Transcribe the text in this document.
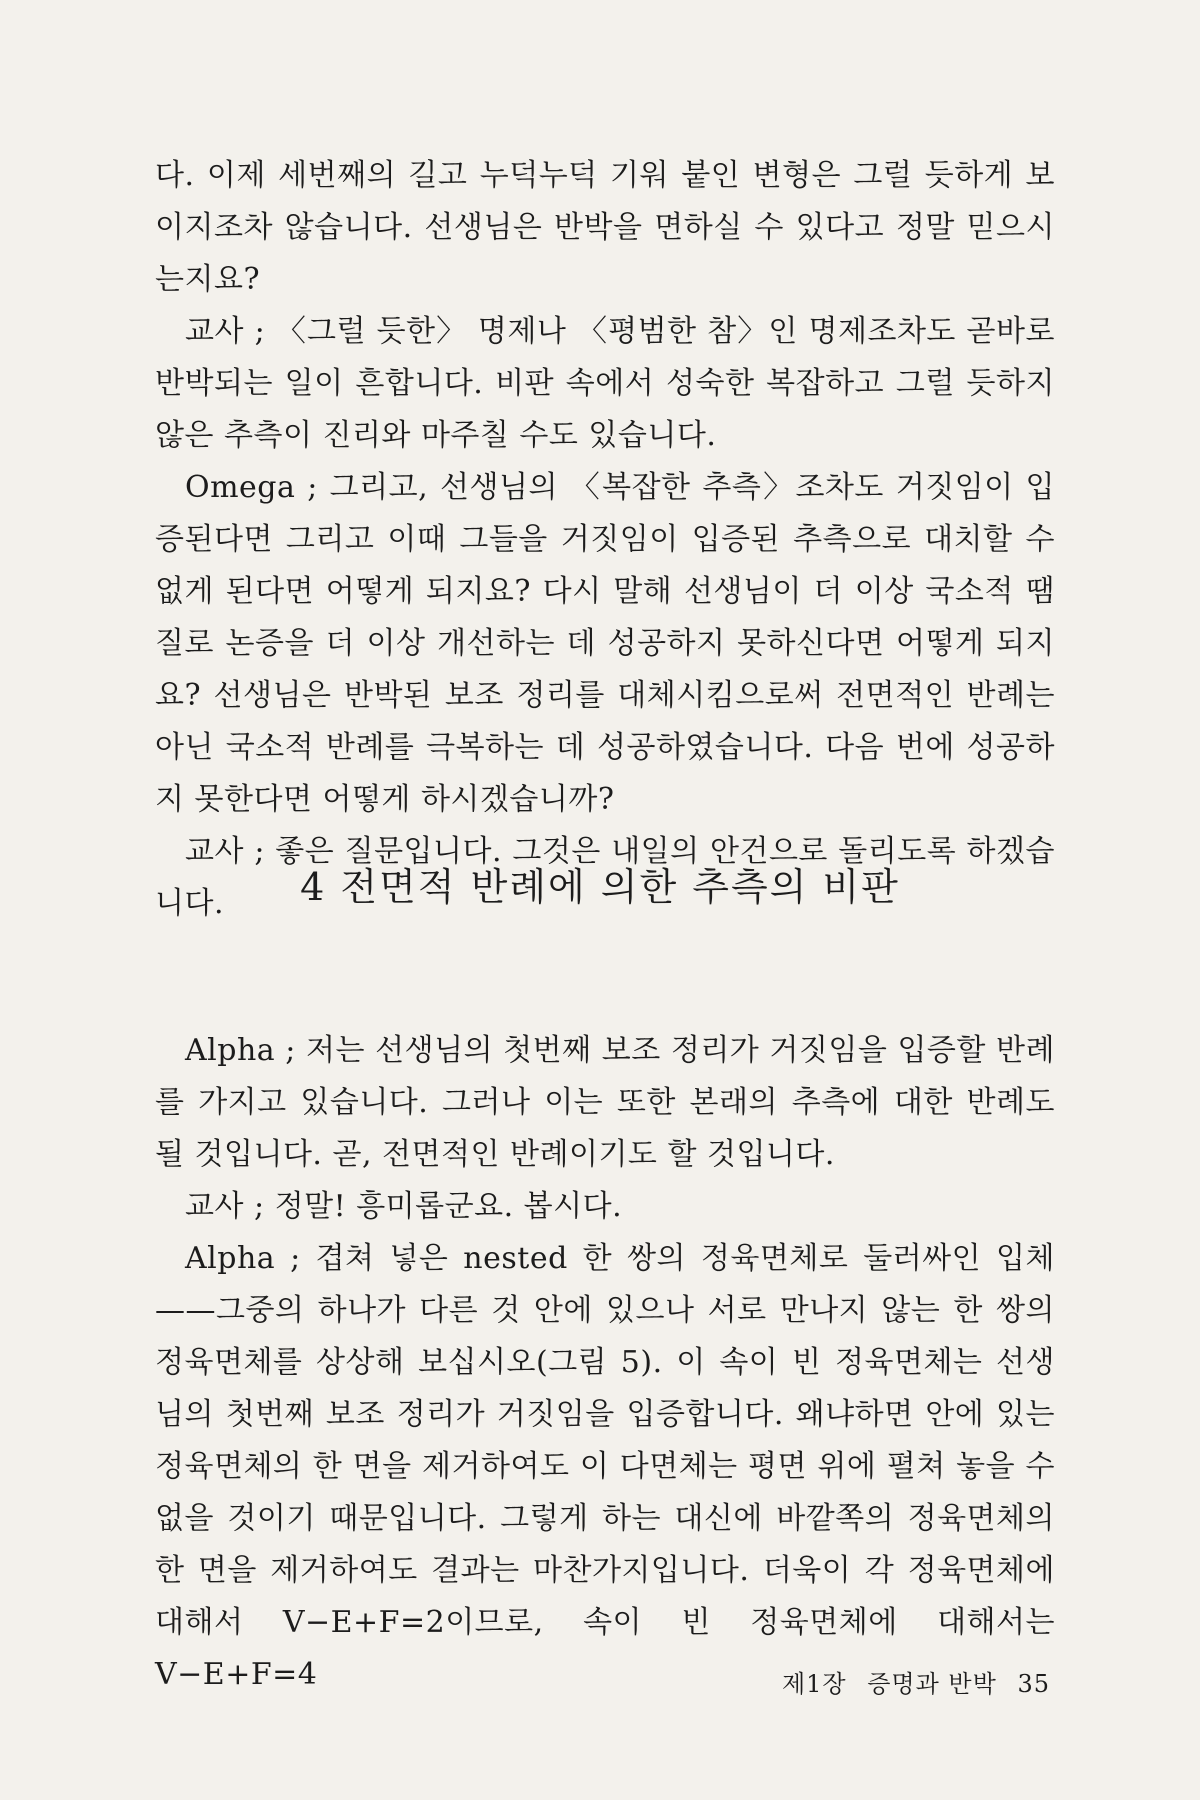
다. 이제 세번째의 길고 누덕누덕 기워 붙인 변형은 그럴 듯하게 보이지조차 않습니다. 선생님은 반박을 면하실 수 있다고 정말 믿으시는지요?

교사 ; 〈그럴 듯한〉 명제나 〈평범한 참〉인 명제조차도 곧바로 반박되는 일이 흔합니다. 비판 속에서 성숙한 복잡하고 그럴 듯하지 않은 추측이 진리와 마주칠 수도 있습니다.

Omega ; 그리고, 선생님의 〈복잡한 추측〉조차도 거짓임이 입증된다면 그리고 이때 그들을 거짓임이 입증된 추측으로 대치할 수 없게 된다면 어떻게 되지요? 다시 말해 선생님이 더 이상 국소적 땜질로 논증을 더 이상 개선하는 데 성공하지 못하신다면 어떻게 되지요? 선생님은 반박된 보조 정리를 대체시킴으로써 전면적인 반례는 아닌 국소적 반례를 극복하는 데 성공하였습니다. 다음 번에 성공하지 못한다면 어떻게 하시겠습니까?

교사 ; 좋은 질문입니다. 그것은 내일의 안건으로 돌리도록 하겠습니다.	4 전면적 반례에 의한 추측의 비판

Alpha ; 저는 선생님의 첫번째 보조 정리가 거짓임을 입증할 반례를 가지고 있습니다. 그러나 이는 또한 본래의 추측에 대한 반례도 될 것입니다. 곧, 전면적인 반례이기도 할 것입니다.

교사 ; 정말! 흥미롭군요. 봅시다.

Alpha ; 겹쳐 넣은 nested 한 쌍의 정육면체로 둘러싸인 입체——그중의 하나가 다른 것 안에 있으나 서로 만나지 않는 한 쌍의 정육면체를 상상해 보십시오(그림 5). 이 속이 빈 정육면체는 선생님의 첫번째 보조 정리가 거짓임을 입증합니다. 왜냐하면 안에 있는 정육면체의 한 면을 제거하여도 이 다면체는 평면 위에 펼쳐 놓을 수 없을 것이기 때문입니다. 그렇게 하는 대신에 바깥쪽의 정육면체의 한 면을 제거하여도 결과는 마찬가지입니다. 더욱이 각 정육면체에 대해서 V−E+F=2이므로, 속이 빈 정육면체에 대해서는 V−E+F=4	제1장 증명과 반박 35
